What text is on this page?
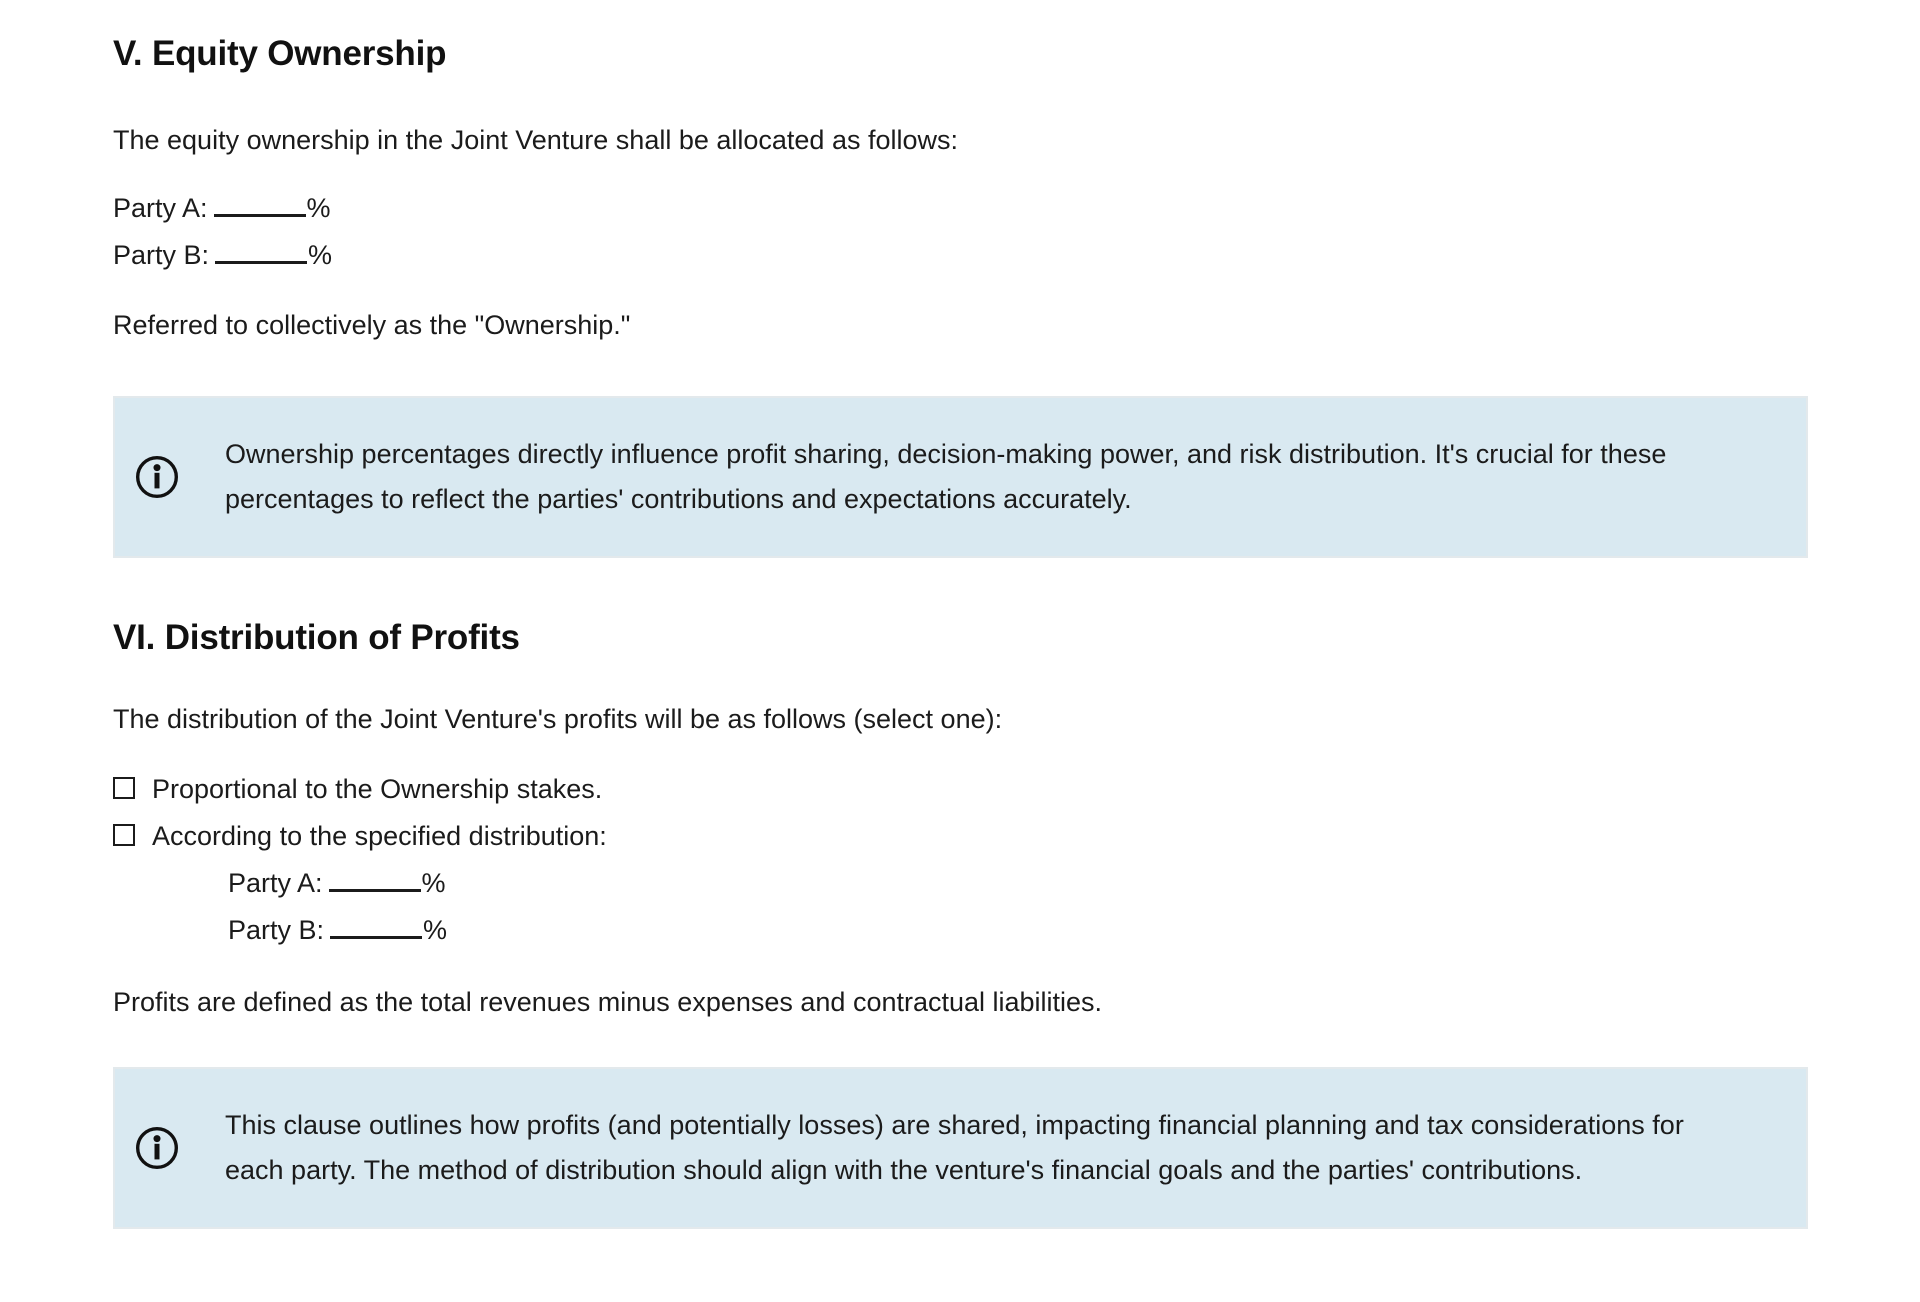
V. Equity Ownership

The equity ownership in the Joint Venture shall be allocated as follows:

Party A:	%
Party B:	%

Referred to collectively as the "Ownership."

Ownership percentages directly influence profit sharing, decision-making power, and risk distribution. It's crucial for these percentages to reflect the parties' contributions and expectations accurately.
VI. Distribution of Profits

The distribution of the Joint Venture's profits will be as follows (select one):

Proportional to the Ownership stakes.
According to the specified distribution:
Party A:	%
Party B:	%

Profits are defined as the total revenues minus expenses and contractual liabilities.

This clause outlines how profits (and potentially losses) are shared, impacting financial planning and tax considerations for each party. The method of distribution should align with the venture's financial goals and the parties' contributions.
